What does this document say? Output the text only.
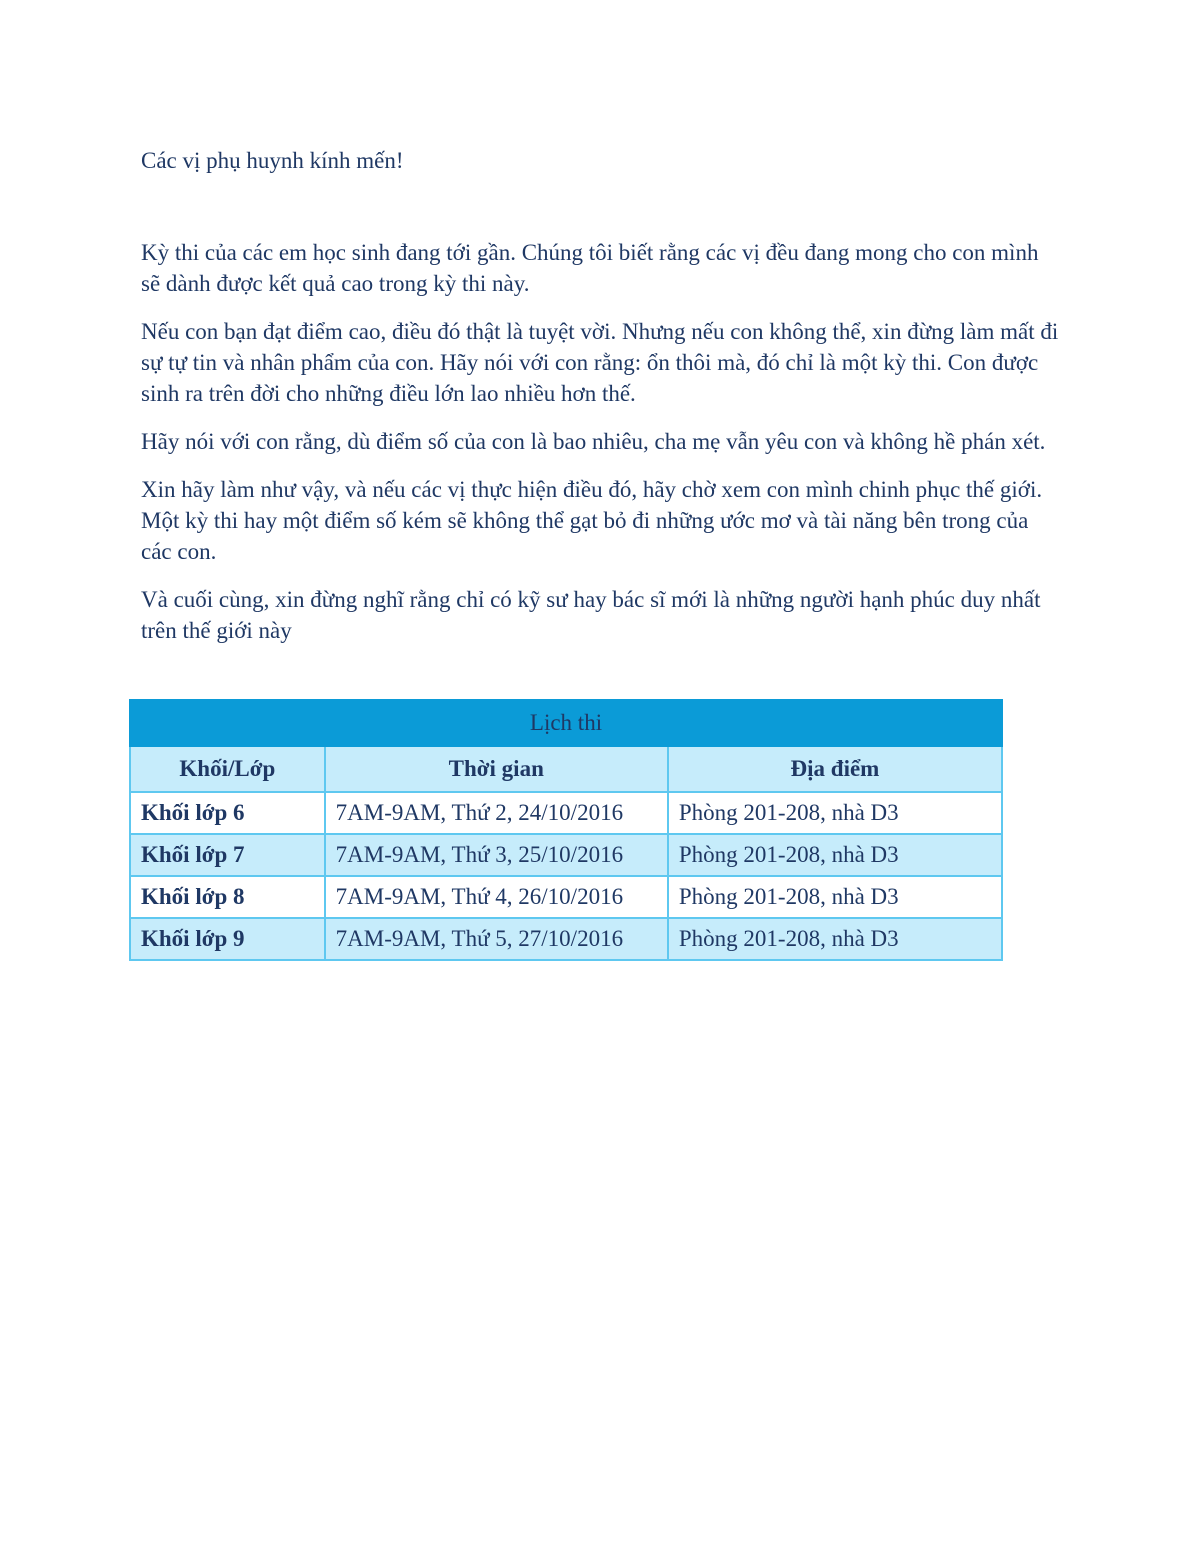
Các vị phụ huynh kính mến!

Kỳ thi của các em học sinh đang tới gần. Chúng tôi biết rằng các vị đều đang mong cho con mình sẽ dành được kết quả cao trong kỳ thi này.

Nếu con bạn đạt điểm cao, điều đó thật là tuyệt vời. Nhưng nếu con không thể, xin đừng làm mất đi sự tự tin và nhân phẩm của con. Hãy nói với con rằng: ổn thôi mà, đó chỉ là một kỳ thi. Con được sinh ra trên đời cho những điều lớn lao nhiều hơn thế.

Hãy nói với con rằng, dù điểm số của con là bao nhiêu, cha mẹ vẫn yêu con và không hề phán xét.

Xin hãy làm như vậy, và nếu các vị thực hiện điều đó, hãy chờ xem con mình chinh phục thế giới. Một kỳ thi hay một điểm số kém sẽ không thể gạt bỏ đi những ước mơ và tài năng bên trong của các con.

Và cuối cùng, xin đừng nghĩ rằng chỉ có kỹ sư hay bác sĩ mới là những người hạnh phúc duy nhất trên thế giới này

Lịch thi		
Khối/Lớp	Thời gian	Địa điểm
Khối lớp 6	7AM-9AM, Thứ 2, 24/10/2016	Phòng 201-208, nhà D3
Khối lớp 7	7AM-9AM, Thứ 3, 25/10/2016	Phòng 201-208, nhà D3
Khối lớp 8	7AM-9AM, Thứ 4, 26/10/2016	Phòng 201-208, nhà D3
Khối lớp 9	7AM-9AM, Thứ 5, 27/10/2016	Phòng 201-208, nhà D3
